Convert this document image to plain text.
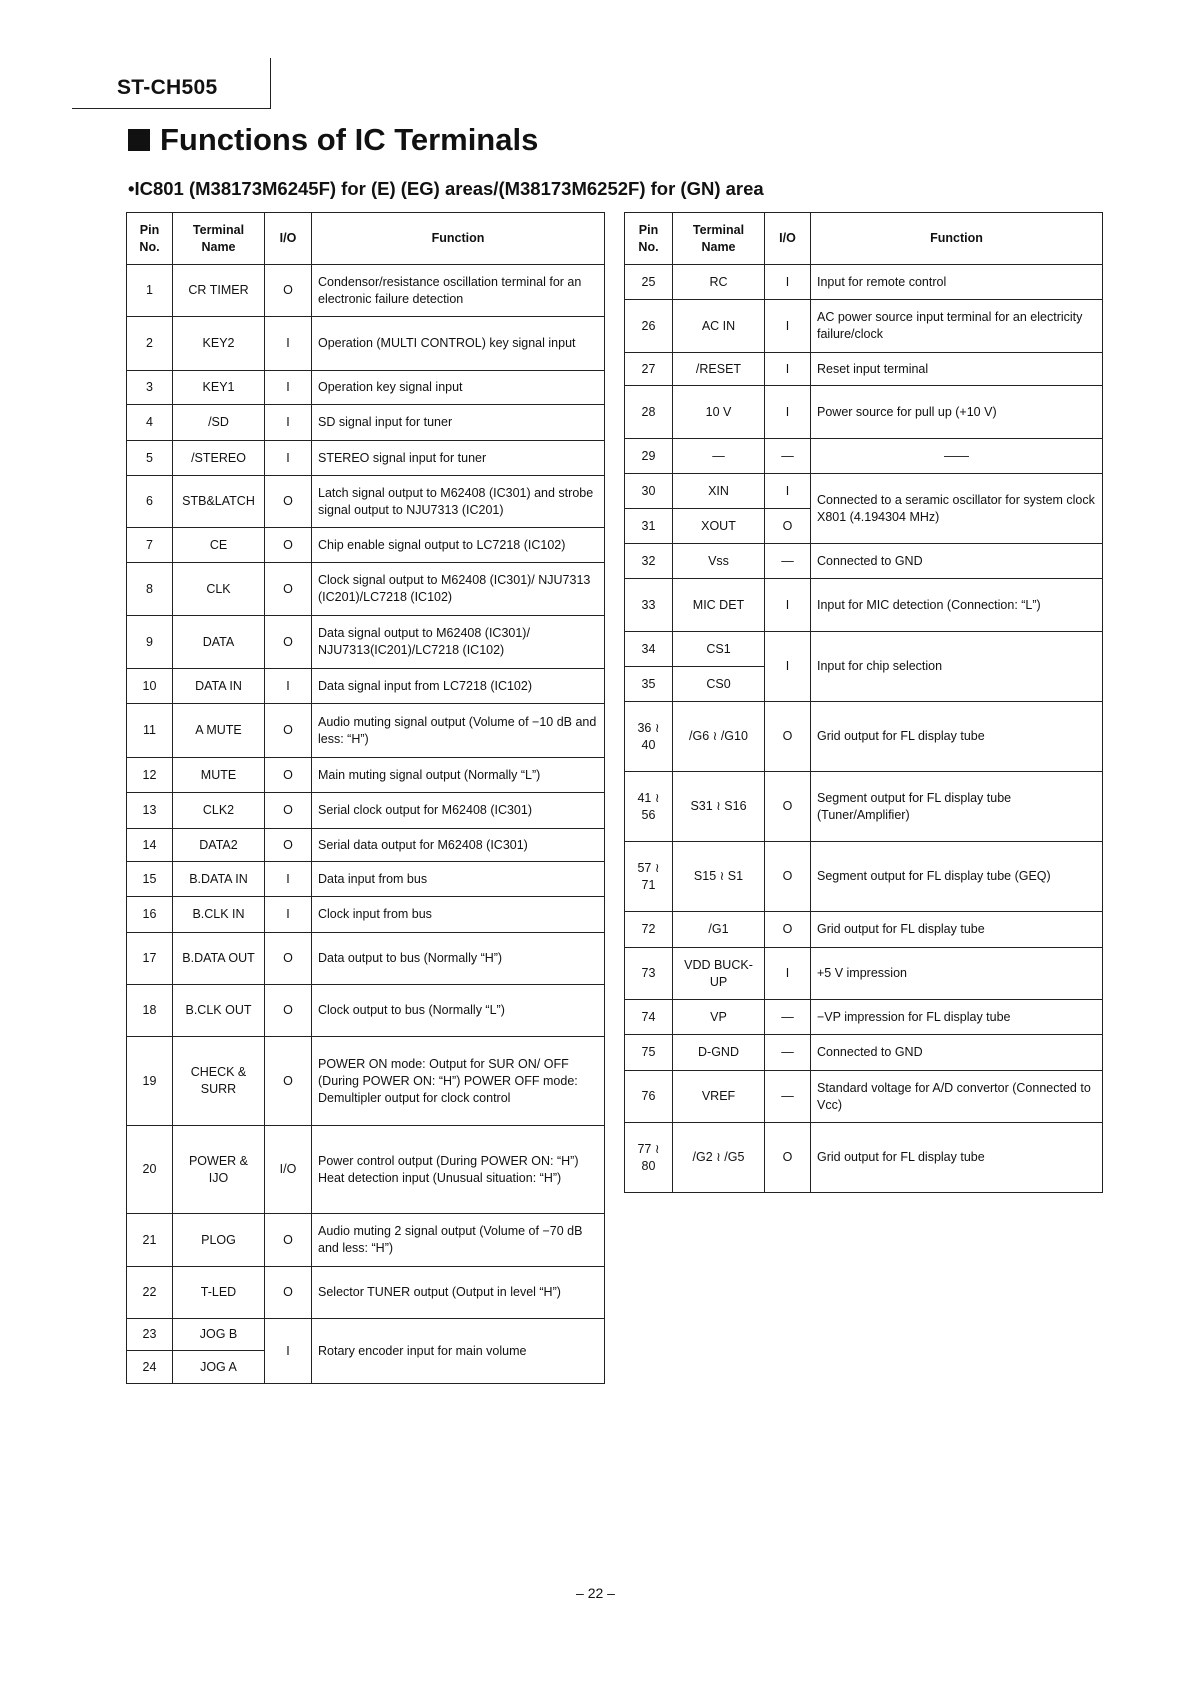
ST-CH505
Functions of IC Terminals
•IC801 (M38173M6245F) for (E) (EG) areas/(M38173M6252F) for (GN) area
Pin No.	Terminal Name	I/O	Function
1	CR TIMER	O	Condensor/resistance oscillation terminal for an electronic failure detection
2	KEY2	I	Operation (MULTI CONTROL) key signal input
3	KEY1	I	Operation key signal input
4	/SD	I	SD signal input for tuner
5	/STEREO	I	STEREO signal input for tuner
6	STB&LATCH	O	Latch signal output to M62408 (IC301) and strobe signal output to NJU7313 (IC201)
7	CE	O	Chip enable signal output to LC7218 (IC102)
8	CLK	O	Clock signal output to M62408 (IC301)/ NJU7313 (IC201)/LC7218 (IC102)
9	DATA	O	Data signal output to M62408 (IC301)/ NJU7313(IC201)/LC7218 (IC102)
10	DATA IN	I	Data signal input from LC7218 (IC102)
11	A MUTE	O	Audio muting signal output (Volume of −10 dB and less: “H”)
12	MUTE	O	Main muting signal output (Normally “L”)
13	CLK2	O	Serial clock output for M62408 (IC301)
14	DATA2	O	Serial data output for M62408 (IC301)
15	B.DATA IN	I	Data input from bus
16	B.CLK IN	I	Clock input from bus
17	B.DATA OUT	O	Data output to bus (Normally “H”)
18	B.CLK OUT	O	Clock output to bus (Normally “L”)
19	CHECK & SURR	O	POWER ON mode: Output for SUR ON/ OFF (During POWER ON: “H”) POWER OFF mode: Demultipler output for clock control
20	POWER & IJO	I/O	Power control output (During POWER ON: “H”) Heat detection input (Unusual situation: “H”)
21	PLOG	O	Audio muting 2 signal output (Volume of −70 dB and less: “H”)
22	T-LED	O	Selector TUNER output (Output in level “H”)
23	JOG B	I	Rotary encoder input for main volume
24	JOG A		
Pin No.	Terminal Name	I/O	Function
25	RC	I	Input for remote control
26	AC IN	I	AC power source input terminal for an electricity failure/clock
27	/RESET	I	Reset input terminal
28	10 V	I	Power source for pull up (+10 V)
29	—	—	——
30	XIN	I	Connected to a seramic oscillator for system clock X801 (4.194304 MHz)
31	XOUT	O	
32	Vss	—	Connected to GND
33	MIC DET	I	Input for MIC detection (Connection: “L”)
34	CS1	I	Input for chip selection
35	CS0		
36 ≀ 40	/G6 ≀ /G10	O	Grid output for FL display tube
41 ≀ 56	S31 ≀ S16	O	Segment output for FL display tube (Tuner/Amplifier)
57 ≀ 71	S15 ≀ S1	O	Segment output for FL display tube (GEQ)
72	/G1	O	Grid output for FL display tube
73	VDD BUCK-UP	I	+5 V impression
74	VP	—	−VP impression for FL display tube
75	D-GND	—	Connected to GND
76	VREF	—	Standard voltage for A/D convertor (Connected to Vcc)
77 ≀ 80	/G2 ≀ /G5	O	Grid output for FL display tube
– 22 –
